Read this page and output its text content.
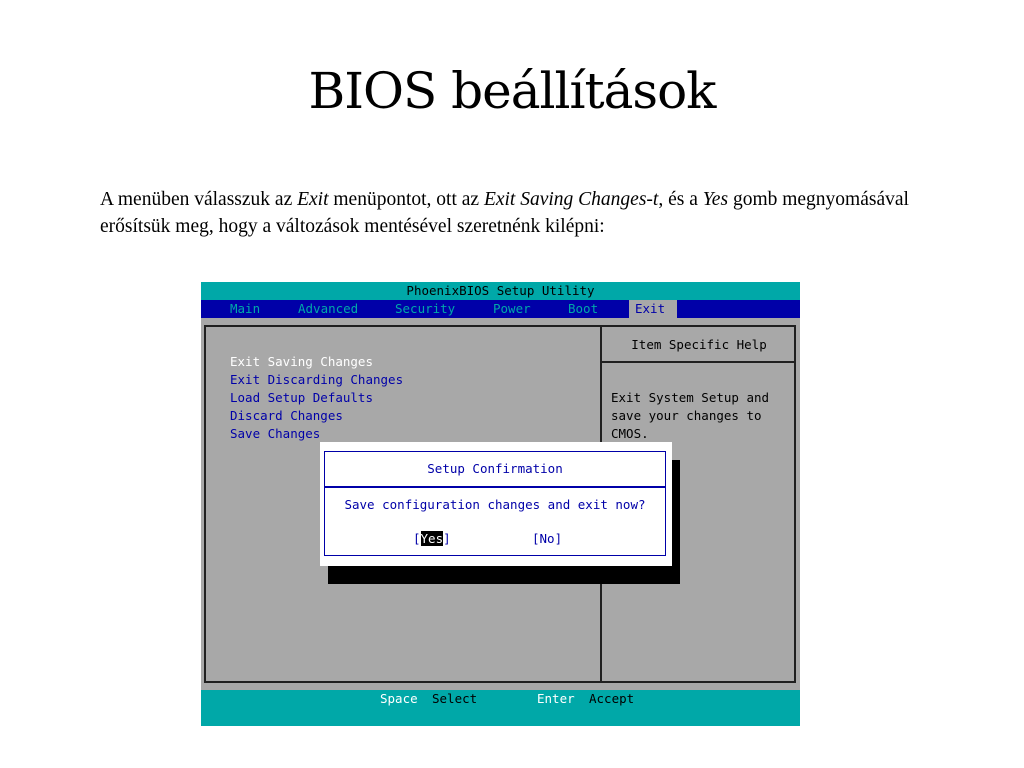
BIOS beállítások
A menüben válasszuk az Exit menüpontot, ott az Exit Saving Changes-t, és a Yes gomb megnyomásával erősítsük meg, hogy a változások mentésével szeretnénk kilépni:
PhoenixBIOS Setup Utility
Main	Advanced	Security	Power	Boot	Exit
Exit Saving Changes
Exit Discarding Changes
Load Setup Defaults
Discard Changes
Save Changes
Item Specific Help
Exit System Setup and
save your changes to
CMOS.
Setup Confirmation
Save configuration changes and exit now?
[Yes]	[No]
Space Select	Enter Accept
